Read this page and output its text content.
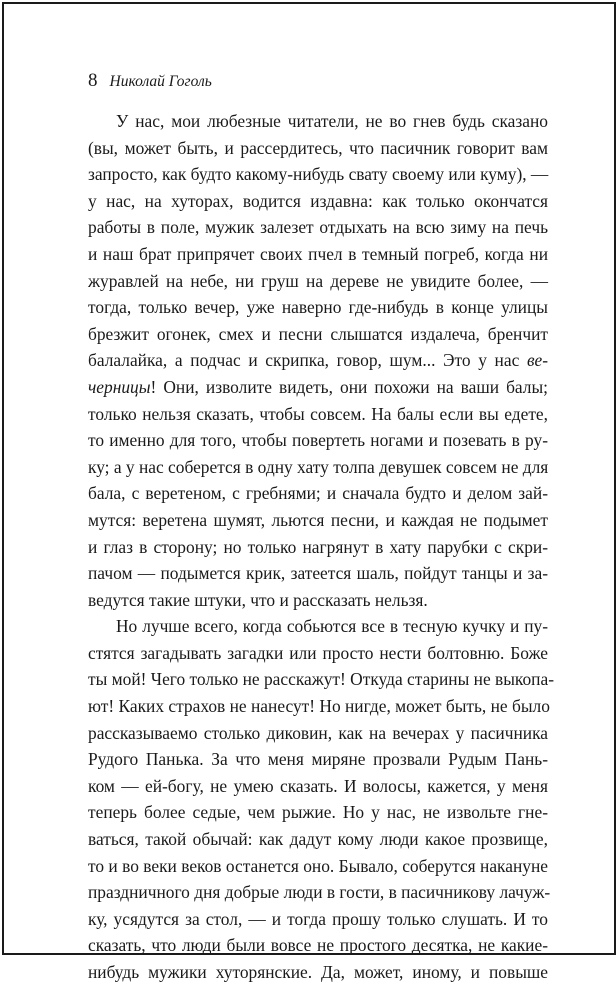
8 Николай Гоголь
У нас, мои любезные читатели, не во гнев будь сказано
(вы, может быть, и рассердитесь, что пасичник говорит вам
запросто, как будто какому-нибудь свату своему или куму), —
у нас, на хуторах, водится издавна: как только окончатся
работы в поле, мужик залезет отдыхать на всю зиму на печь
и наш брат припрячет своих пчел в темный погреб, когда ни
журавлей на небе, ни груш на дереве не увидите более, —
тогда, только вечер, уже наверно где-нибудь в конце улицы
брезжит огонек, смех и песни слышатся издалеча, бренчит
балалайка, а подчас и скрипка, говор, шум... Это у нас ве-
черницы! Они, изволите видеть, они похожи на ваши балы;
только нельзя сказать, чтобы совсем. На балы если вы едете,
то именно для того, чтобы повертеть ногами и позевать в ру-
ку; а у нас соберется в одну хату толпа девушек совсем не для
бала, с веретеном, с гребнями; и сначала будто и делом зай-
мутся: веретена шумят, льются песни, и каждая не подымет
и глаз в сторону; но только нагрянут в хату парубки с скри-
пачом — подымется крик, затеется шаль, пойдут танцы и за-
ведутся такие штуки, что и рассказать нельзя.
Но лучше всего, когда собьются все в тесную кучку и пу-
стятся загадывать загадки или просто нести болтовню. Боже
ты мой! Чего только не расскажут! Откуда старины не выкопа-
ют! Каких страхов не нанесут! Но нигде, может быть, не было
рассказываемо столько диковин, как на вечерах у пасичника
Рудого Панька. За что меня миряне прозвали Рудым Пань-
ком — ей-богу, не умею сказать. И волосы, кажется, у меня
теперь более седые, чем рыжие. Но у нас, не извольте гне-
ваться, такой обычай: как дадут кому люди какое прозвище,
то и во веки веков останется оно. Бывало, соберутся накануне
праздничного дня добрые люди в гости, в пасичникову лачуж-
ку, усядутся за стол, — и тогда прошу только слушать. И то
сказать, что люди были вовсе не простого десятка, не какие-
нибудь мужики хуторянские. Да, может, иному, и повыше
